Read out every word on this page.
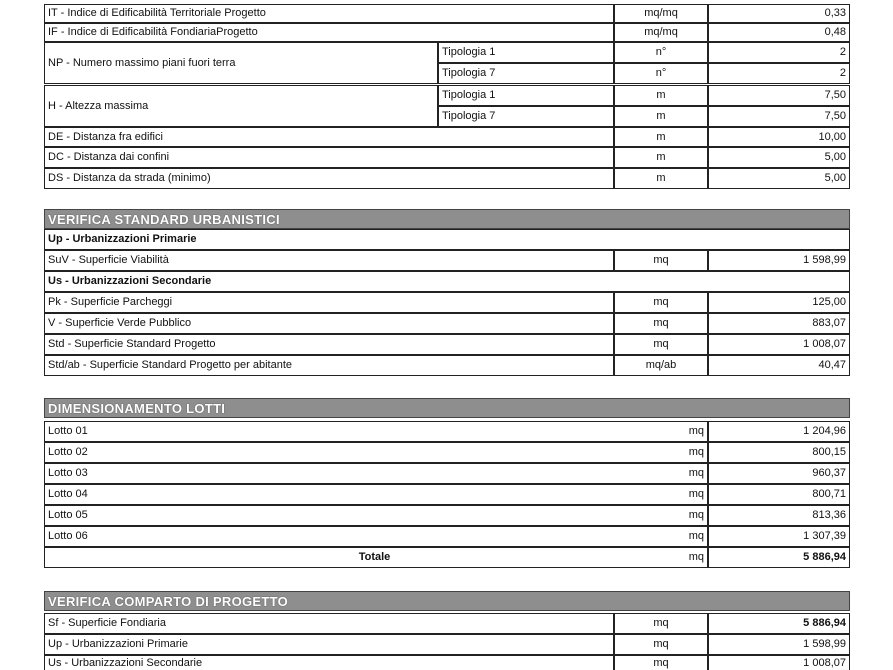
IT - Indice di Edificabilità Territoriale Progetto	mq/mq	0,33
IF - Indice di Edificabilità FondiariaProgetto	mq/mq	0,48
NP - Numero massimo piani fuori terra
Tipologia 1	n°	2
Tipologia 7	n°	2
H - Altezza massima
Tipologia 1	m	7,50
Tipologia 7	m	7,50
DE - Distanza fra edifici	m	10,00
DC - Distanza dai confini	m	5,00
DS - Distanza da strada (minimo)	m	5,00
VERIFICA STANDARD URBANISTICI
Up - Urbanizzazioni Primarie
SuV - Superficie Viabilità	mq	1 598,99
Us - Urbanizzazioni Secondarie
Pk - Superficie Parcheggi	mq	125,00
V - Superficie Verde Pubblico	mq	883,07
Std - Superficie Standard Progetto	mq	1 008,07
Std/ab - Superficie Standard Progetto per abitante	mq/ab	40,47
DIMENSIONAMENTO LOTTI
Lotto 01	mq	1 204,96
Lotto 02	mq	800,15
Lotto 03	mq	960,37
Lotto 04	mq	800,71
Lotto 05	mq	813,36
Lotto 06	mq	1 307,39
Totale	mq	5 886,94
VERIFICA COMPARTO DI PROGETTO
Sf - Superficie Fondiaria	mq	5 886,94
Up - Urbanizzazioni Primarie	mq	1 598,99
Us - Urbanizzazioni Secondarie	mq	1 008,07
